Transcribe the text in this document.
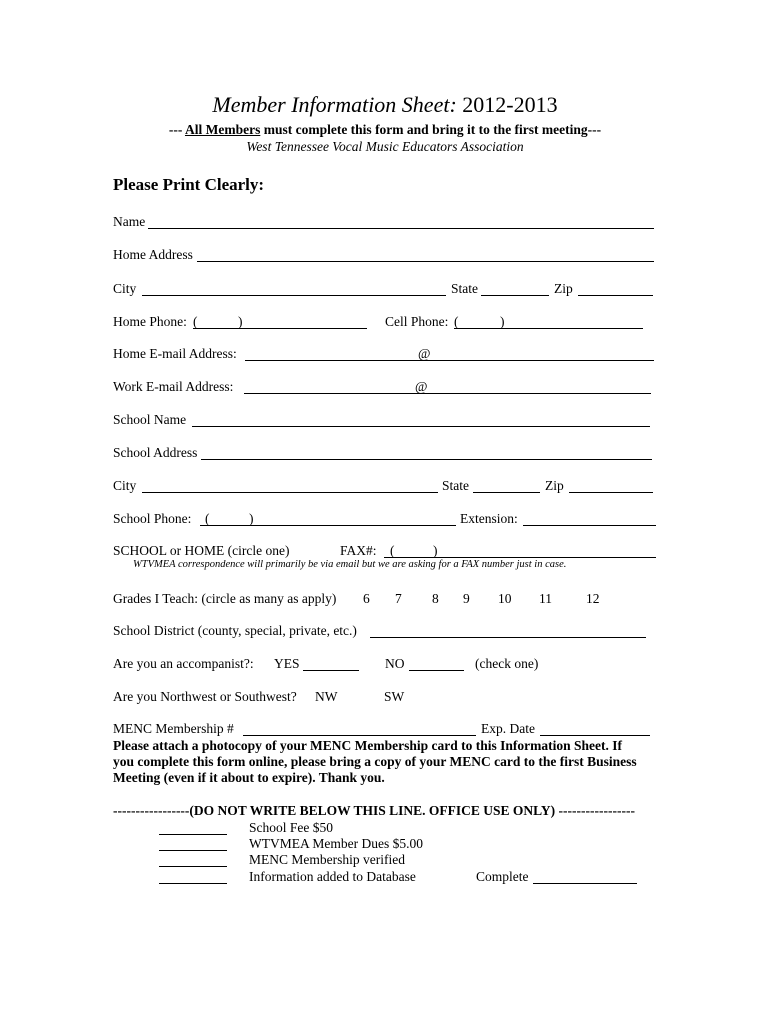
Member Information Sheet: 2012-2013
--- All Members must complete this form and bring it to the first meeting---
West Tennessee Vocal Music Educators Association
Please Print Clearly:
Name
Home Address
City	State	Zip
Home Phone: (	)	Cell Phone: (	)
Home E-mail Address:	@
Work E-mail Address:	@
School Name
School Address
City	State	Zip
School Phone: (	)	Extension:
SCHOOL or HOME (circle one)	FAX#: (	)
WTVMEA correspondence will primarily be via email but we are asking for a FAX number just in case.
Grades I Teach: (circle as many as apply) 6 7 8 9 10 11	12
School District (county, special, private, etc.)
Are you an accompanist?: YES	NO	(check one)
Are you Northwest or Southwest? NW	SW
MENC Membership #	Exp. Date
Please attach a photocopy of your MENC Membership card to this Information Sheet. If
you complete this form online, please bring a copy of your MENC card to the first Business
Meeting (even if it about to expire). Thank you.
-----------------(DO NOT WRITE BELOW THIS LINE. OFFICE USE ONLY) -----------------
School Fee $50
WTVMEA Member Dues $5.00
MENC Membership verified
Information added to Database	Complete
